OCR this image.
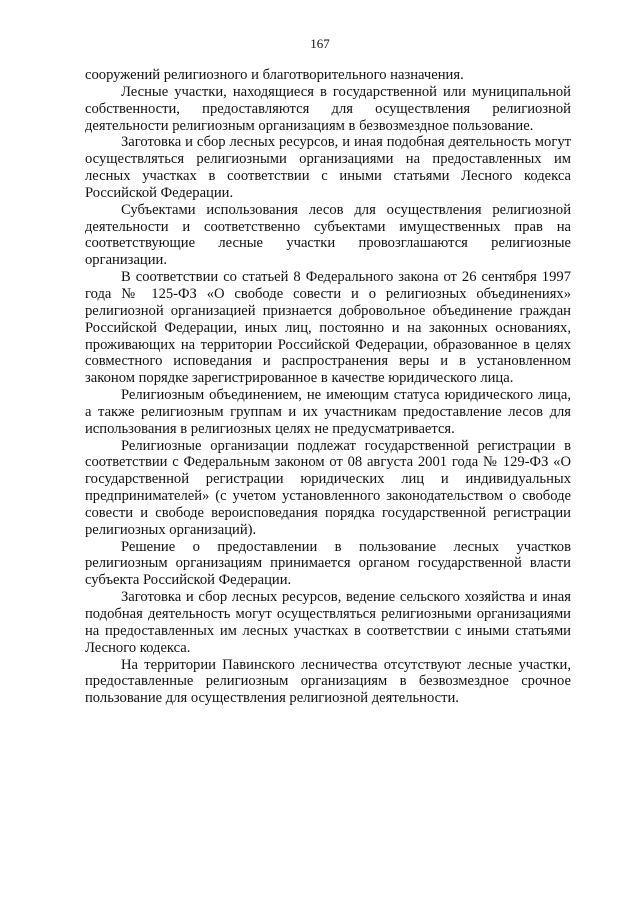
167

сооружений религиозного и благотворительного назначения.

Лесные участки, находящиеся в государственной или муниципальной собственности, предоставляются для осуществления религиозной деятельности религиозным организациям в безвозмездное пользование.

Заготовка и сбор лесных ресурсов, и иная подобная деятельность могут осуществляться религиозными организациями на предоставленных им лесных участках в соответствии с иными статьями Лесного кодекса Российской Федерации.

Субъектами использования лесов для осуществления религиозной деятельности и соответственно субъектами имущественных прав на соответствующие лесные участки провозглашаются религиозные организации.

В соответствии со статьей 8 Федерального закона от 26 сентября 1997 года № 125-ФЗ «О свободе совести и о религиозных объединениях» религиозной организацией признается добровольное объединение граждан Российской Федерации, иных лиц, постоянно и на законных основаниях, проживающих на территории Российской Федерации, образованное в целях совместного исповедания и распространения веры и в установленном законом порядке зарегистрированное в качестве юридического лица.

Религиозным объединением, не имеющим статуса юридического лица, а также религиозным группам и их участникам предоставление лесов для использования в религиозных целях не предусматривается.

Религиозные организации подлежат государственной регистрации в соответствии с Федеральным законом от 08 августа 2001 года № 129-ФЗ «О государственной регистрации юридических лиц и индивидуальных предпринимателей» (с учетом установленного законодательством о свободе совести и свободе вероисповедания порядка государственной регистрации религиозных организаций).

Решение о предоставлении в пользование лесных участков религиозным организациям принимается органом государственной власти субъекта Российской Федерации.

Заготовка и сбор лесных ресурсов, ведение сельского хозяйства и иная подобная деятельность могут осуществляться религиозными организациями на предоставленных им лесных участках в соответствии с иными статьями Лесного кодекса.

На территории Павинского лесничества отсутствуют лесные участки, предоставленные религиозным организациям в безвозмездное срочное пользование для осуществления религиозной деятельности.
